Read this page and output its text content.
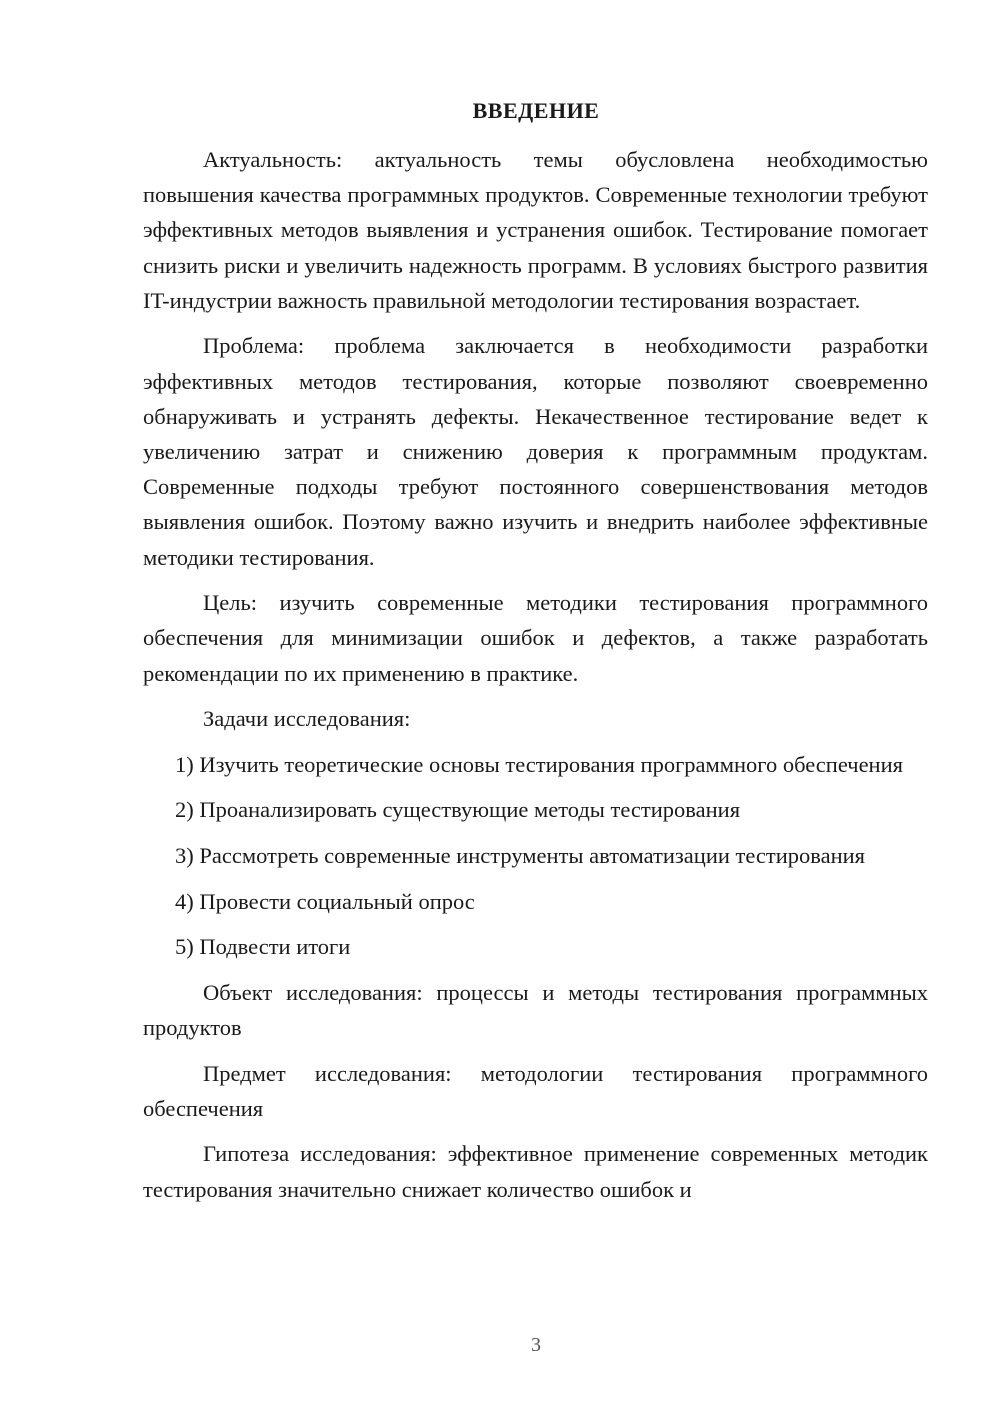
ВВЕДЕНИЕ

Актуальность: актуальность темы обусловлена необходимостью повышения качества программных продуктов. Современные технологии требуют эффективных методов выявления и устранения ошибок. Тестирование помогает снизить риски и увеличить надежность программ. В условиях быстрого развития IT-индустрии важность правильной методологии тестирования возрастает.

Проблема: проблема заключается в необходимости разработки эффективных методов тестирования, которые позволяют своевременно обнаруживать и устранять дефекты. Некачественное тестирование ведет к увеличению затрат и снижению доверия к программным продуктам. Современные подходы требуют постоянного совершенствования методов выявления ошибок. Поэтому важно изучить и внедрить наиболее эффективные методики тестирования.

Цель: изучить современные методики тестирования программного обеспечения для минимизации ошибок и дефектов, а также разработать рекомендации по их применению в практике.

Задачи исследования:

1) Изучить теоретические основы тестирования программного обеспечения

2) Проанализировать существующие методы тестирования

3) Рассмотреть современные инструменты автоматизации тестирования

4) Провести социальный опрос

5) Подвести итоги

Объект исследования: процессы и методы тестирования программных продуктов

Предмет исследования: методологии тестирования программного обеспечения

Гипотеза исследования: эффективное применение современных методик тестирования значительно снижает количество ошибок и

3
